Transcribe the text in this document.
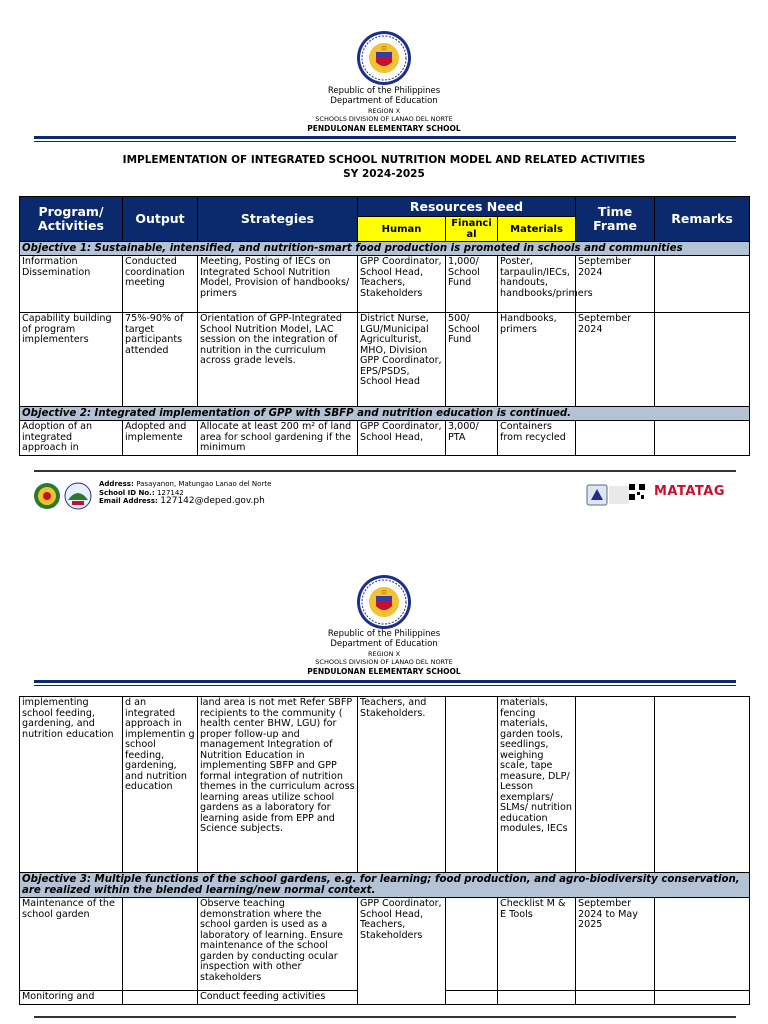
Republic of the Philippines
Department of Education
REGION X
SCHOOLS DIVISION OF LANAO DEL NORTE
PENDULONAN ELEMENTARY SCHOOL
IMPLEMENTATION OF INTEGRATED SCHOOL NUTRITION MODEL AND RELATED ACTIVITIES
SY 2024-2025
Program/ Activities	Output	Strategies	Resources Need			Time Frame	Remarks
			Human	Financi al	Materials		
Objective 1: Sustainable, intensified, and nutrition-smart food production is promoted in schools and communities							
Information Dissemination	Conducted coordination meeting	Meeting, Posting of IECs on Integrated School Nutrition Model, Provision of handbooks/ primers	GPP Coordinator, School Head, Teachers, Stakeholders	1,000/ School Fund	Poster, tarpaulin/IECs, handouts, handbooks/primers	September 2024	
Capability building of program implementers	75%-90% of target participants attended	Orientation of GPP-Integrated School Nutrition Model, LAC session on the integration of nutrition in the curriculum across grade levels.	District Nurse, LGU/Municipal Agriculturist, MHO, Division GPP Coordinator, EPS/PSDS, School Head	500/ School Fund	Handbooks, primers	September 2024	
Objective 2: Integrated implementation of GPP with SBFP and nutrition education is continued.							
Adoption of an integrated approach in	Adopted and implemente	Allocate at least 200 m² of land area for school gardening if the minimum	GPP Coordinator, School Head,	3,000/ PTA	Containers from recycled		
Address: Pasayanon, Matungao Lanao del Norte
School ID No.: 127142
Email Address: 127142@deped.gov.ph
MATATAG
Republic of the Philippines
Department of Education
REGION X
SCHOOLS DIVISION OF LANAO DEL NORTE
PENDULONAN ELEMENTARY SCHOOL
implementing school feeding, gardening, and nutrition education	d an integrated approach in implementin g school feeding, gardening, and nutrition education	land area is not met Refer SBFP recipients to the community ( health center BHW, LGU) for proper follow-up and management Integration of Nutrition Education in implementing SBFP and GPP formal integration of nutrition themes in the curriculum across learning areas utilize school gardens as a laboratory for learning aside from EPP and Science subjects.	Teachers, and Stakeholders.		materials, fencing materials, garden tools, seedlings, weighing scale, tape measure, DLP/ Lesson exemplars/ SLMs/ nutrition education modules, IECs		
Objective 3: Multiple functions of the school gardens, e.g. for learning; food production, and agro-biodiversity conservation, are realized within the blended learning/new normal context.							
Maintenance of the school garden		Observe teaching demonstration where the school garden is used as a laboratory of learning. Ensure maintenance of the school garden by conducting ocular inspection with other stakeholders	GPP Coordinator, School Head, Teachers, Stakeholders		Checklist M & E Tools	September 2024 to May 2025	
Monitoring and		Conduct feeding activities					
